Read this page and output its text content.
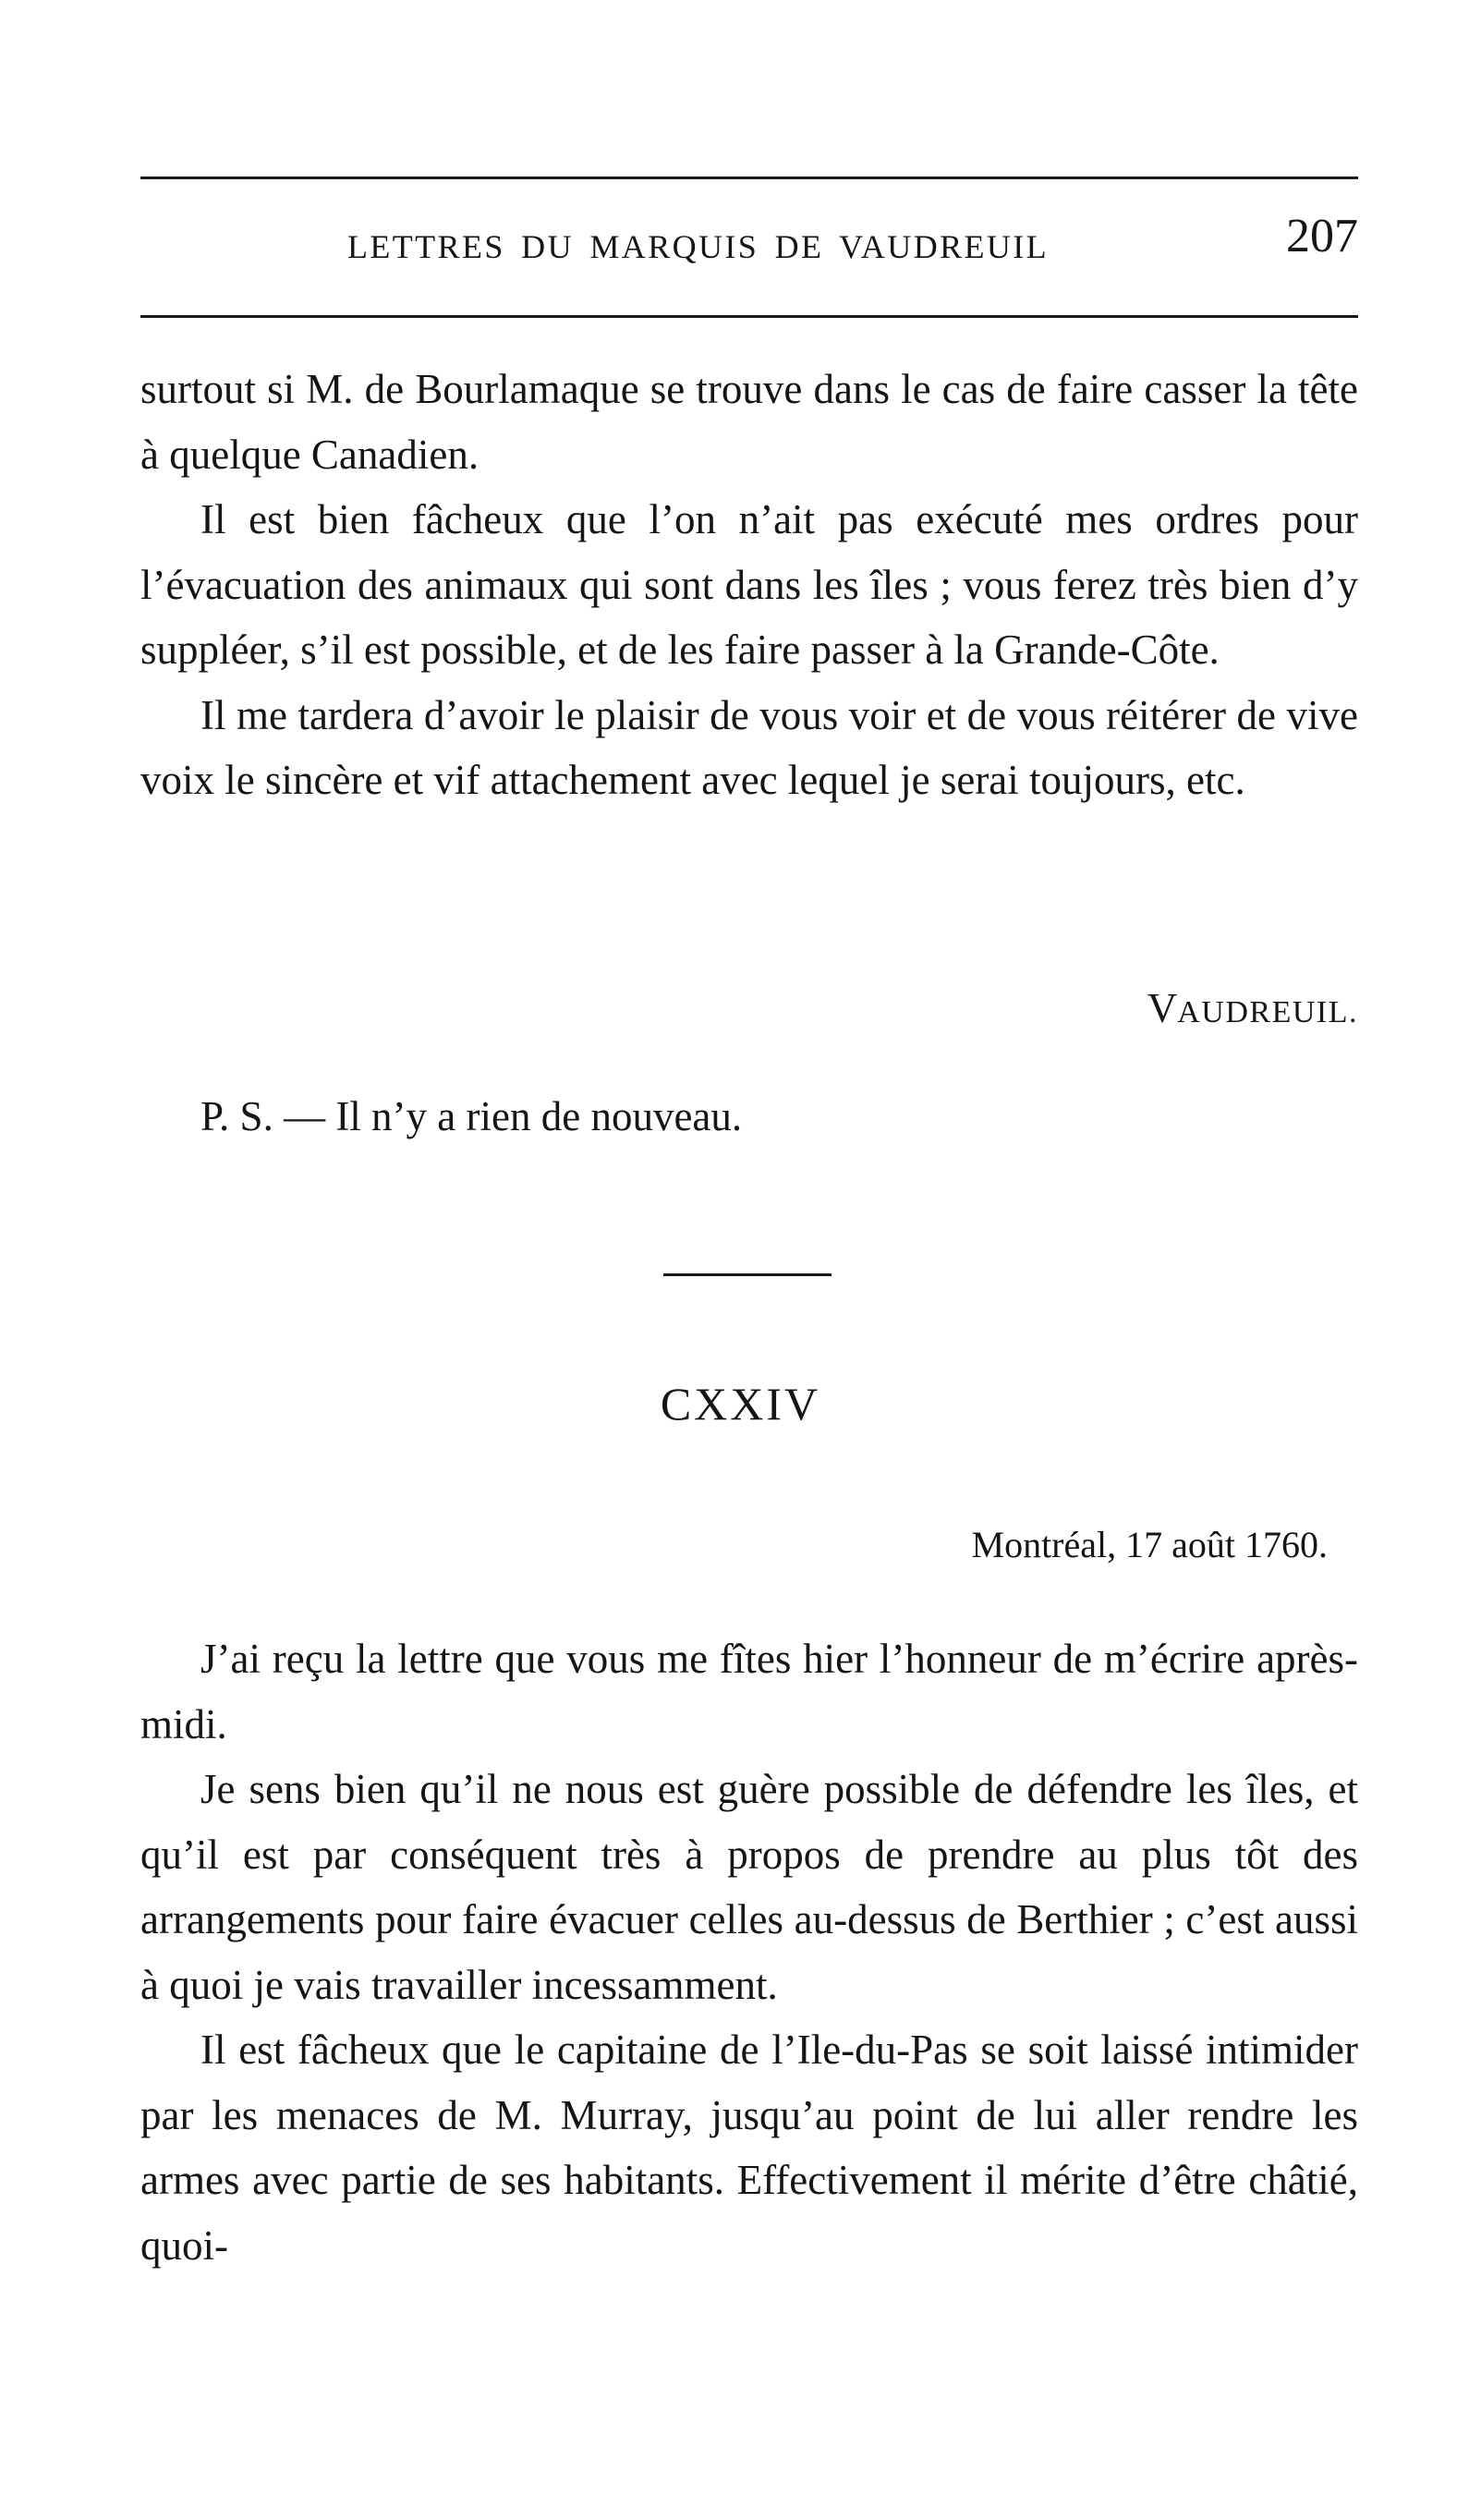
LETTRES DU MARQUIS DE VAUDREUIL	207

surtout si M. de Bourlamaque se trouve dans le cas de faire casser la tête à quelque Canadien.

Il est bien fâcheux que l’on n’ait pas exécuté mes ordres pour l’évacuation des animaux qui sont dans les îles ; vous ferez très bien d’y suppléer, s’il est possible, et de les faire passer à la Grande-Côte.

Il me tardera d’avoir le plaisir de vous voir et de vous réitérer de vive voix le sincère et vif attachement avec lequel je serai toujours, etc.

VAUDREUIL.
P. S. — Il n’y a rien de nouveau.
CXXIV
Montréal, 17 août 1760.

J’ai reçu la lettre que vous me fîtes hier l’honneur de m’écrire après-midi.

Je sens bien qu’il ne nous est guère possible de défendre les îles, et qu’il est par conséquent très à propos de prendre au plus tôt des arrangements pour faire évacuer celles au-dessus de Berthier ; c’est aussi à quoi je vais travailler incessamment.

Il est fâcheux que le capitaine de l’Ile-du-Pas se soit laissé intimider par les menaces de M. Murray, jusqu’au point de lui aller rendre les armes avec partie de ses habitants. Effectivement il mérite d’être châtié, quoi-
